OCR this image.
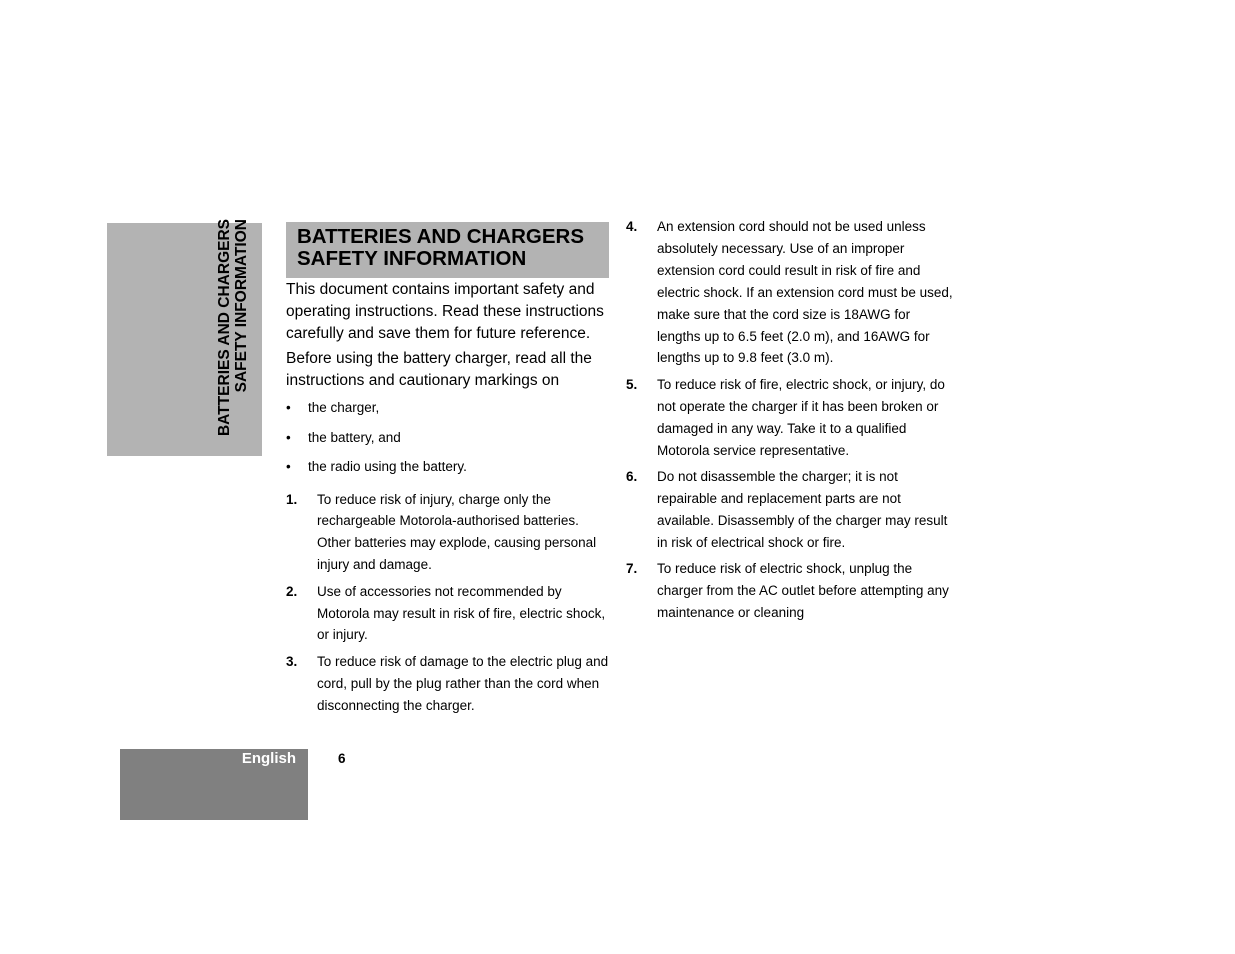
BATTERIES AND CHARGERS SAFETY INFORMATION BATTERIES AND CHARGERS
SAFETY INFORMATION

This document contains important safety and operating instructions. Read these instructions carefully and save them for future reference.

Before using the battery charger, read all the instructions and cautionary markings on

• the charger,
• the battery, and
• the radio using the battery.
1. To reduce risk of injury, charge only the rechargeable Motorola-authorised batteries. Other batteries may explode, causing personal injury and damage.
2. Use of accessories not recommended by Motorola may result in risk of fire, electric shock, or injury.
3. To reduce risk of damage to the electric plug and cord, pull by the plug rather than the cord when disconnecting the charger.
4. An extension cord should not be used unless absolutely necessary. Use of an improper extension cord could result in risk of fire and electric shock. If an extension cord must be used, make sure that the cord size is 18AWG for lengths up to 6.5 feet (2.0 m), and 16AWG for lengths up to 9.8 feet (3.0 m).
5. To reduce risk of fire, electric shock, or injury, do not operate the charger if it has been broken or damaged in any way. Take it to a qualified Motorola service representative.
6. Do not disassemble the charger; it is not repairable and replacement parts are not available. Disassembly of the charger may result in risk of electrical shock or fire.
7. To reduce risk of electric shock, unplug the charger from the AC outlet before attempting any maintenance or cleaning
English	6
